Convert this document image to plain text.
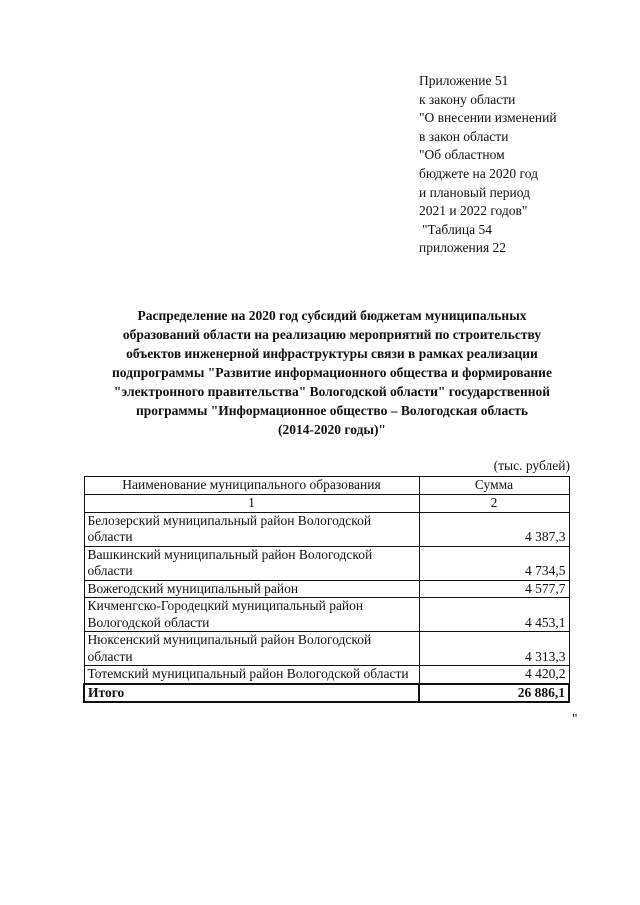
Приложение 51
к закону области
"О внесении изменений
в закон области
"Об областном
бюджете на 2020 год
и плановый период
2021 и 2022 годов"
"Таблица 54
приложения 22
Распределение на 2020 год субсидий бюджетам муниципальных
образований области на реализацию мероприятий по строительству
объектов инженерной инфраструктуры связи в рамках реализации
подпрограммы "Развитие информационного общества и формирование
"электронного правительства" Вологодской области" государственной
программы "Информационное общество – Вологодская область
(2014-2020 годы)"
(тыс. рублей)
Наименование муниципального образования	Сумма
1	2
Белозерский муниципальный район Вологодской области	4 387,3
Вашкинский муниципальный район Вологодской области	4 734,5
Вожегодский муниципальный район	4 577,7
Кичменгско-Городецкий муниципальный район Вологодской области	4 453,1
Нюксенский муниципальный район Вологодской области	4 313,3
Тотемский муниципальный район Вологодской области	4 420,2
Итого	26 886,1
"
